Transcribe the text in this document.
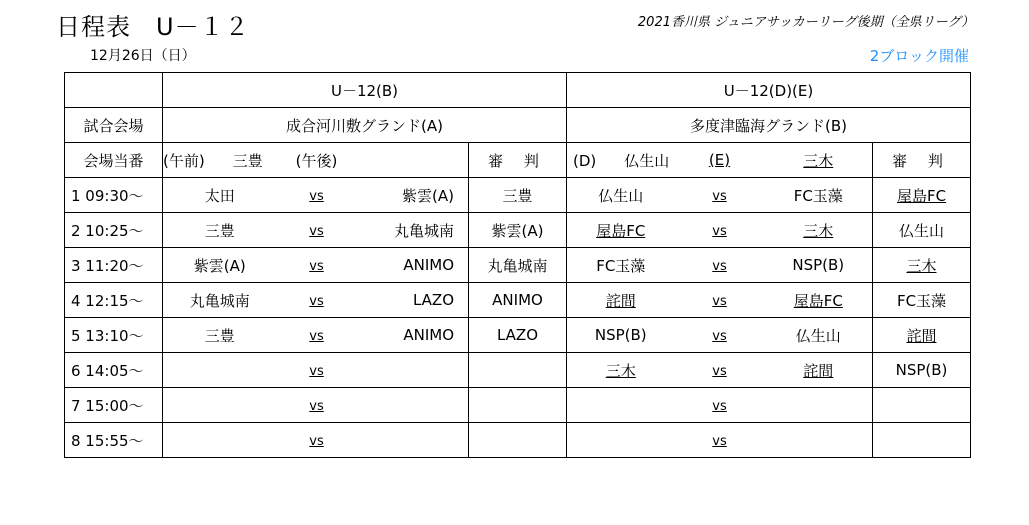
日程表　U－１２	2021香川県 ジュニアサッカーリーグ後期（全県リーグ）
12月26日（日）	2ブロック開催
	U－12(B)				U－12(D)(E)			
試合会場	成合河川敷グランド(A)				多度津臨海グランド(B)			
会場当番	(午前) 三豊	(午後)		審 判	(D) 仏生山	(E)	三木	審 判
1 09:30～	太田	vs	紫雲(A)	三豊	仏生山	vs	FC玉藻	屋島FC
2 10:25～	三豊	vs	丸亀城南	紫雲(A)	屋島FC	vs	三木	仏生山
3 11:20～	紫雲(A)	vs	ANIMO	丸亀城南	FC玉藻	vs	NSP(B)	三木
4 12:15～	丸亀城南	vs	LAZO	ANIMO	詫間	vs	屋島FC	FC玉藻
5 13:10～	三豊	vs	ANIMO	LAZO	NSP(B)	vs	仏生山	詫間
6 14:05～		vs			三木	vs	詫間	NSP(B)
7 15:00～		vs				vs		
8 15:55～		vs				vs		
